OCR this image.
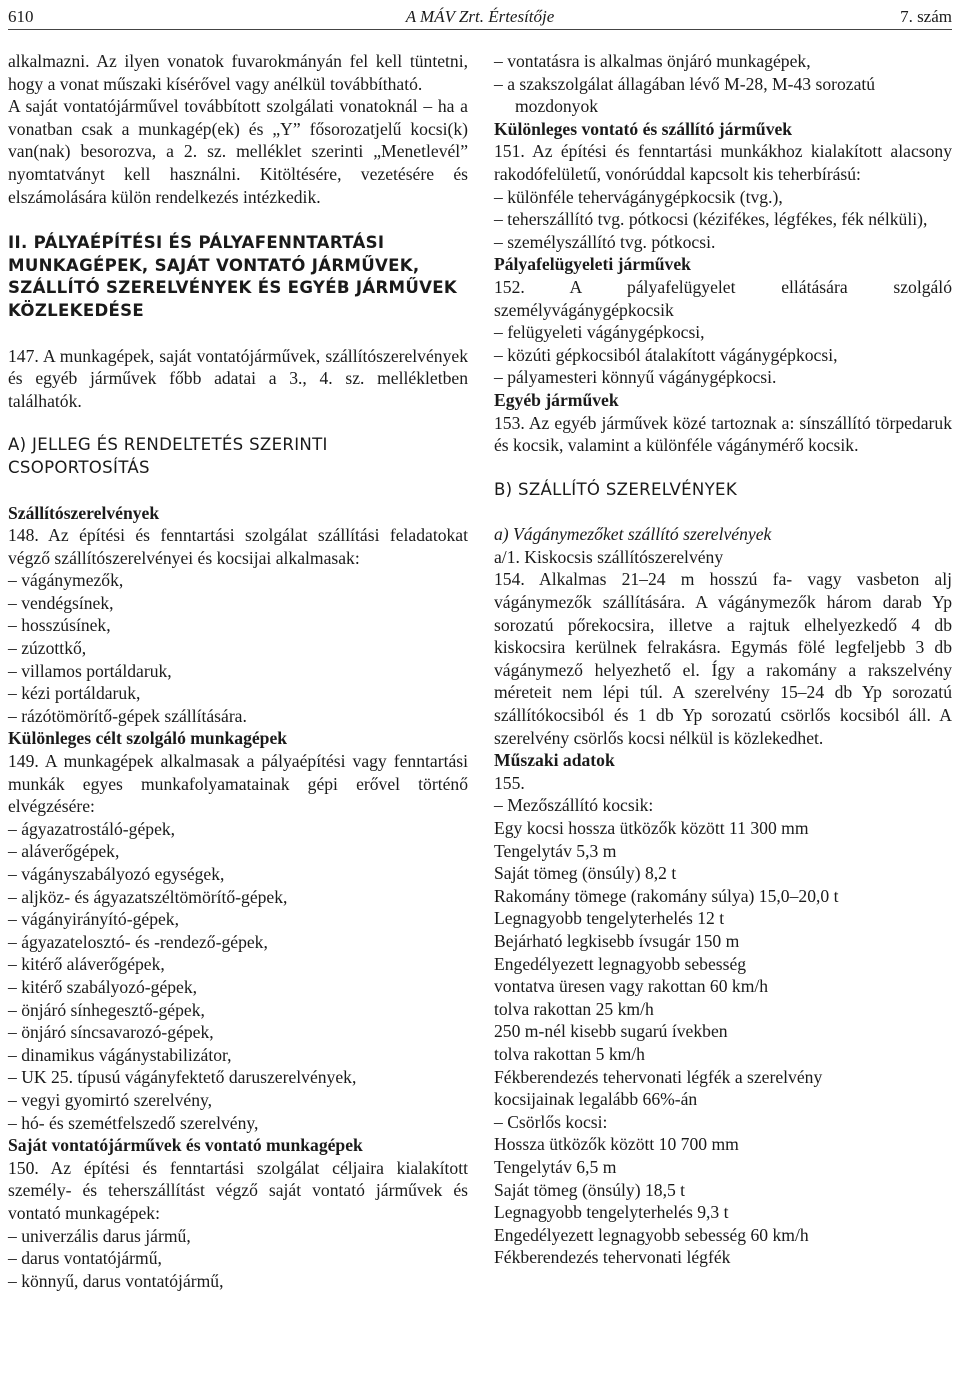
610	A MÁV Zrt. Értesítője	7. szám

alkalmazni. Az ilyen vonatok fuvarokmányán fel kell tüntetni, hogy a vonat műszaki kísérővel vagy anélkül továbbítható.

A saját vontatójárművel továbbított szolgálati vonatoknál – ha a vonatban csak a munkagép(ek) és „Y” fősorozatjelű kocsi(k) van(nak) besorozva, a 2. sz. melléklet szerinti „Menetlevél” nyomtatványt kell használni. Kitöltésére, vezetésére és elszámolására külön rendelkezés intézkedik.

II. PÁLYAÉPÍTÉSI ÉS PÁLYAFENNTARTÁSI MUNKAGÉPEK, SAJÁT VONTATÓ JÁRMŰVEK, SZÁLLÍTÓ SZERELVÉNYEK ÉS EGYÉB JÁRMŰVEK KÖZLEKEDÉSE

147. A munkagépek, saját vontatójárművek, szállítószerelvények és egyéb járművek főbb adatai a 3., 4. sz. mellékletben találhatók.

A) JELLEG ÉS RENDELTETÉS SZERINTI CSOPORTOSÍTÁS

Szállítószerelvények

148. Az építési és fenntartási szolgálat szállítási feladatokat végző szállítószerelvényei és kocsijai alkalmasak:

– vágánymezők,
– vendégsínek,
– hosszúsínek,
– zúzottkő,
– villamos portáldaruk,
– kézi portáldaruk,
– rázótömörítő-gépek szállítására.

Különleges célt szolgáló munkagépek

149. A munkagépek alkalmasak a pályaépítési vagy fenntartási munkák egyes munkafolyamatainak gépi erővel történő elvégzésére:

– ágyazatrostáló-gépek,
– aláverőgépek,
– vágányszabályozó egységek,
– aljköz- és ágyazatszéltömörítő-gépek,
– vágányirányító-gépek,
– ágyazatelosztó- és -rendező-gépek,
– kitérő aláverőgépek,
– kitérő szabályozó-gépek,
– önjáró sínhegesztő-gépek,
– önjáró síncsavarozó-gépek,
– dinamikus vágánystabilizátor,
– UK 25. típusú vágányfektető daruszerelvények,
– vegyi gyomirtó szerelvény,
– hó- és szemétfelszedő szerelvény,

Saját vontatójárművek és vontató munkagépek

150. Az építési és fenntartási szolgálat céljaira kialakított személy- és teherszállítást végző saját vontató járművek és vontató munkagépek:

– univerzális darus jármű,
– darus vontatójármű,
– könnyű, darus vontatójármű,
– vontatásra is alkalmas önjáró munkagépek,
– a szakszolgálat állagában lévő M-28, M-43 sorozatú mozdonyok

Különleges vontató és szállító járművek

151. Az építési és fenntartási munkákhoz kialakított alacsony rakodófelületű, vonórúddal kapcsolt kis teherbírású:

– különféle tehervágánygépkocsik (tvg.),
– teherszállító tvg. pótkocsi (kézifékes, légfékes, fék nélküli),
– személyszállító tvg. pótkocsi.

Pályafelügyeleti járművek

152. A pályafelügyelet ellátására szolgáló személyvágánygépkocsik

– felügyeleti vágánygépkocsi,
– közúti gépkocsiból átalakított vágánygépkocsi,
– pályamesteri könnyű vágánygépkocsi.

Egyéb járművek

153. Az egyéb járművek közé tartoznak a: sínszállító törpedaruk és kocsik, valamint a különféle vágánymérő kocsik.

B) SZÁLLÍTÓ SZERELVÉNYEK

a) Vágánymezőket szállító szerelvények

a/1. Kiskocsis szállítószerelvény

154. Alkalmas 21–24 m hosszú fa- vagy vasbeton alj vágánymezők szállítására. A vágánymezők három darab Yp sorozatú pőrekocsira, illetve a rajtuk elhelyezkedő 4 db kiskocsira kerülnek felrakásra. Egymás fölé legfeljebb 3 db vágánymező helyezhető el. Így a rakomány a rakszelvény méreteit nem lépi túl. A szerelvény 15–24 db Yp sorozatú szállítókocsiból és 1 db Yp sorozatú csörlős kocsiból áll. A szerelvény csörlős kocsi nélkül is közlekedhet.

Műszaki adatok

155.

– Mezőszállító kocsik:

Egy kocsi hossza ütközők között 11 300 mm

Tengelytáv 5,3 m

Saját tömeg (önsúly) 8,2 t

Rakomány tömege (rakomány súlya) 15,0–20,0 t

Legnagyobb tengelyterhelés 12 t

Bejárható legkisebb ívsugár 150 m

Engedélyezett legnagyobb sebesség

vontatva üresen vagy rakottan 60 km/h

tolva rakottan 25 km/h

250 m-nél kisebb sugarú ívekben

tolva rakottan 5 km/h

Fékberendezés tehervonati légfék a szerelvény

kocsijainak legalább 66%-án

– Csörlős kocsi:

Hossza ütközők között 10 700 mm

Tengelytáv 6,5 m

Saját tömeg (önsúly) 18,5 t

Legnagyobb tengelyterhelés 9,3 t

Engedélyezett legnagyobb sebesség 60 km/h

Fékberendezés tehervonati légfék
